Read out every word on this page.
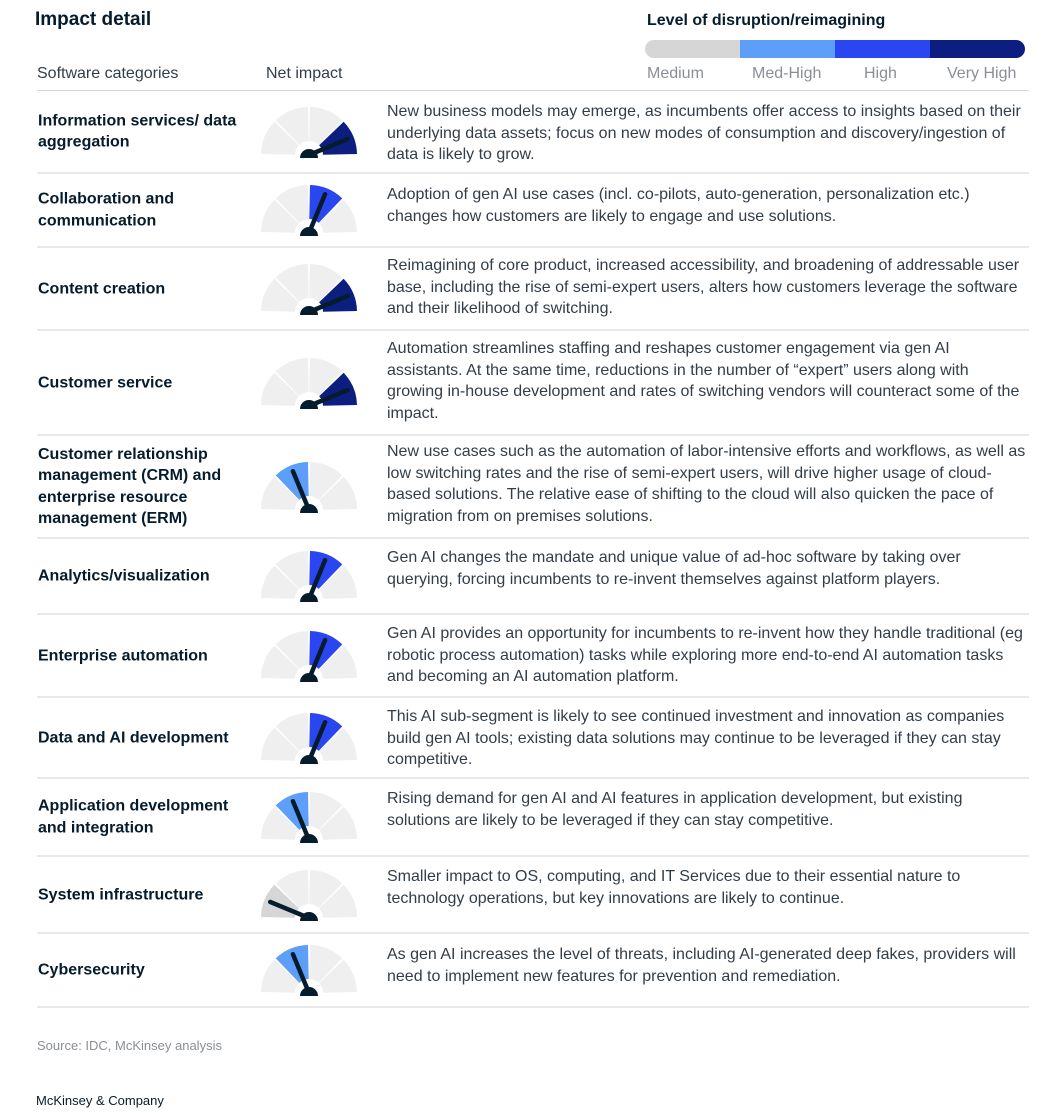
Impact detail	Level of disruption/reimagining
Medium	Med-High	High	Very High
Software categories	Net impact
Information services/ data aggregation
New business models may emerge, as incumbents offer access to insights based on their underlying data assets; focus on new modes of consumption and discovery/ingestion of data is likely to grow.
Collaboration and communication
Adoption of gen AI use cases (incl. co-pilots, auto-generation, personalization etc.) changes how customers are likely to engage and use solutions.
Content creation
Reimagining of core product, increased accessibility, and broadening of addressable user base, including the rise of semi-expert users, alters how customers leverage the software and their likelihood of switching.
Customer service
Automation streamlines staffing and reshapes customer engagement via gen AI assistants. At the same time, reductions in the number of “expert” users along with growing in-house development and rates of switching vendors will counteract some of the impact.
Customer relationship management (CRM) and enterprise resource management (ERM)
New use cases such as the automation of labor-intensive efforts and workflows, as well as low switching rates and the rise of semi-expert users, will drive higher usage of cloud-based solutions. The relative ease of shifting to the cloud will also quicken the pace of migration from on premises solutions.
Analytics/visualization
Gen AI changes the mandate and unique value of ad-hoc software by taking over querying, forcing incumbents to re-invent themselves against platform players.
Enterprise automation
Gen AI provides an opportunity for incumbents to re-invent how they handle traditional (eg robotic process automation) tasks while exploring more end-to-end AI automation tasks and becoming an AI automation platform.
Data and AI development
This AI sub-segment is likely to see continued investment and innovation as companies build gen AI tools; existing data solutions may continue to be leveraged if they can stay competitive.
Application development and integration
Rising demand for gen AI and AI features in application development, but existing solutions are likely to be leveraged if they can stay competitive.
System infrastructure
Smaller impact to OS, computing, and IT Services due to their essential nature to technology operations, but key innovations are likely to continue.
Cybersecurity
As gen AI increases the level of threats, including AI-generated deep fakes, providers will need to implement new features for prevention and remediation.
Source: IDC, McKinsey analysis
McKinsey & Company
